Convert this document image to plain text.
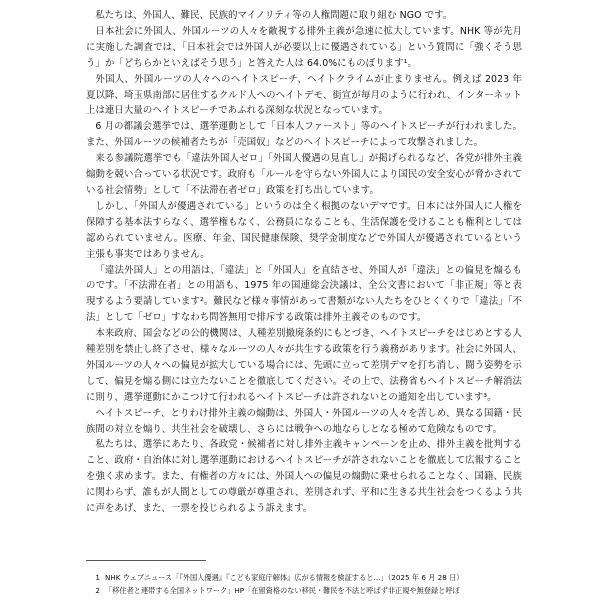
私たちは、外国人、難民、民族的マイノリティ等の人権問題に取り組む NGO です。

日本社会に外国人、外国ルーツの人々を敵視する排外主義が急速に拡大しています。NHK 等が先月に実施した調査では、「日本社会では外国人が必要以上に優遇されている」という質問に「強くそう思う」か「どちらかといえばそう思う」と答えた人は 64.0%にものぼります¹。

外国人、外国ルーツの人々へのヘイトスピーチ、ヘイトクライムが止まりません。例えば 2023 年夏以降、埼玉県南部に居住するクルド人へのヘイトデモ、街宣が毎月のように行われ、インターネット上は連日大量のヘイトスピーチであふれる深刻な状況となっています。

6 月の都議会選挙では、選挙運動として「日本人ファースト」等のヘイトスピーチが行われました。また、外国ルーツの候補者たちが「売国奴」などのヘイトスピーチによって攻撃されました。

来る参議院選挙でも「違法外国人ゼロ」「外国人優遇の見直し」が掲げられるなど、各党が排外主義煽動を競い合っている状況です。政府も「ルールを守らない外国人により国民の安全安心が脅かされている社会情勢」として「不法滞在者ゼロ」政策を打ち出しています。

しかし、「外国人が優遇されている」というのは全く根拠のないデマです。日本には外国人に人権を保障する基本法すらなく、選挙権もなく、公務員になることも、生活保護を受けることも権利としては認められていません。医療、年金、国民健康保険、奨学金制度などで外国人が優遇されているという主張も事実ではありません。

「違法外国人」との用語は、「違法」と「外国人」を直結させ、外国人が「違法」との偏見を煽るものです。「不法滞在者」との用語も、1975 年の国連総会決議は、全公文書において「非正規」等と表現するよう要請しています²。難民など様々事情があって書類がない人たちをひとくくりで「違法」「不法」として「ゼロ」すなわち問答無用で排斥する政策は排外主義そのものです。

本来政府、国会などの公的機関は、人種差別撤廃条約にもとづき、ヘイトスピーチをはじめとする人種差別を禁止し終了させ、様々なルーツの人々が共生する政策を行う義務があります。社会に外国人、外国ルーツの人々への偏見が拡大している場合には、先頭に立って差別デマを打ち消し、闘う姿勢を示して、偏見を煽る側には立たないことを徹底してください。その上で、法務省もヘイトスピーチ解消法に則り、選挙運動にかこつけて行われるヘイトスピーチは許されないとの通知を出しています³。

ヘイトスピーチ、とりわけ排外主義の煽動は、外国人・外国ルーツの人々を苦しめ、異なる国籍・民族間の対立を煽り、共生社会を破壊し、さらには戦争への地ならしとなる極めて危険なものです。

私たちは、選挙にあたり、各政党・候補者に対し排外主義キャンペーンを止め、排外主義を批判すること、政府・自治体に対し選挙運動におけるヘイトスピーチが許されないことを徹底して広報することを強く求めます。また、有権者の方々には、外国人への偏見の煽動に乗せられることなく、国籍、民族に関わらず、誰もが人間としての尊厳が尊重され、差別されず、平和に生きる共生社会をつくるよう共に声をあげ、また、一票を投じられるよう訴えます。

1 NHK ウェブニュース「『外国人優遇』『こども家庭庁解体』広がる情報を検証すると…」（2025 年 6 月 28 日）

2 「移住者と連帯する全国ネットワーク」HP「在留資格のない移民・難民を不法と呼ばず非正規や無登録と呼ぼ
